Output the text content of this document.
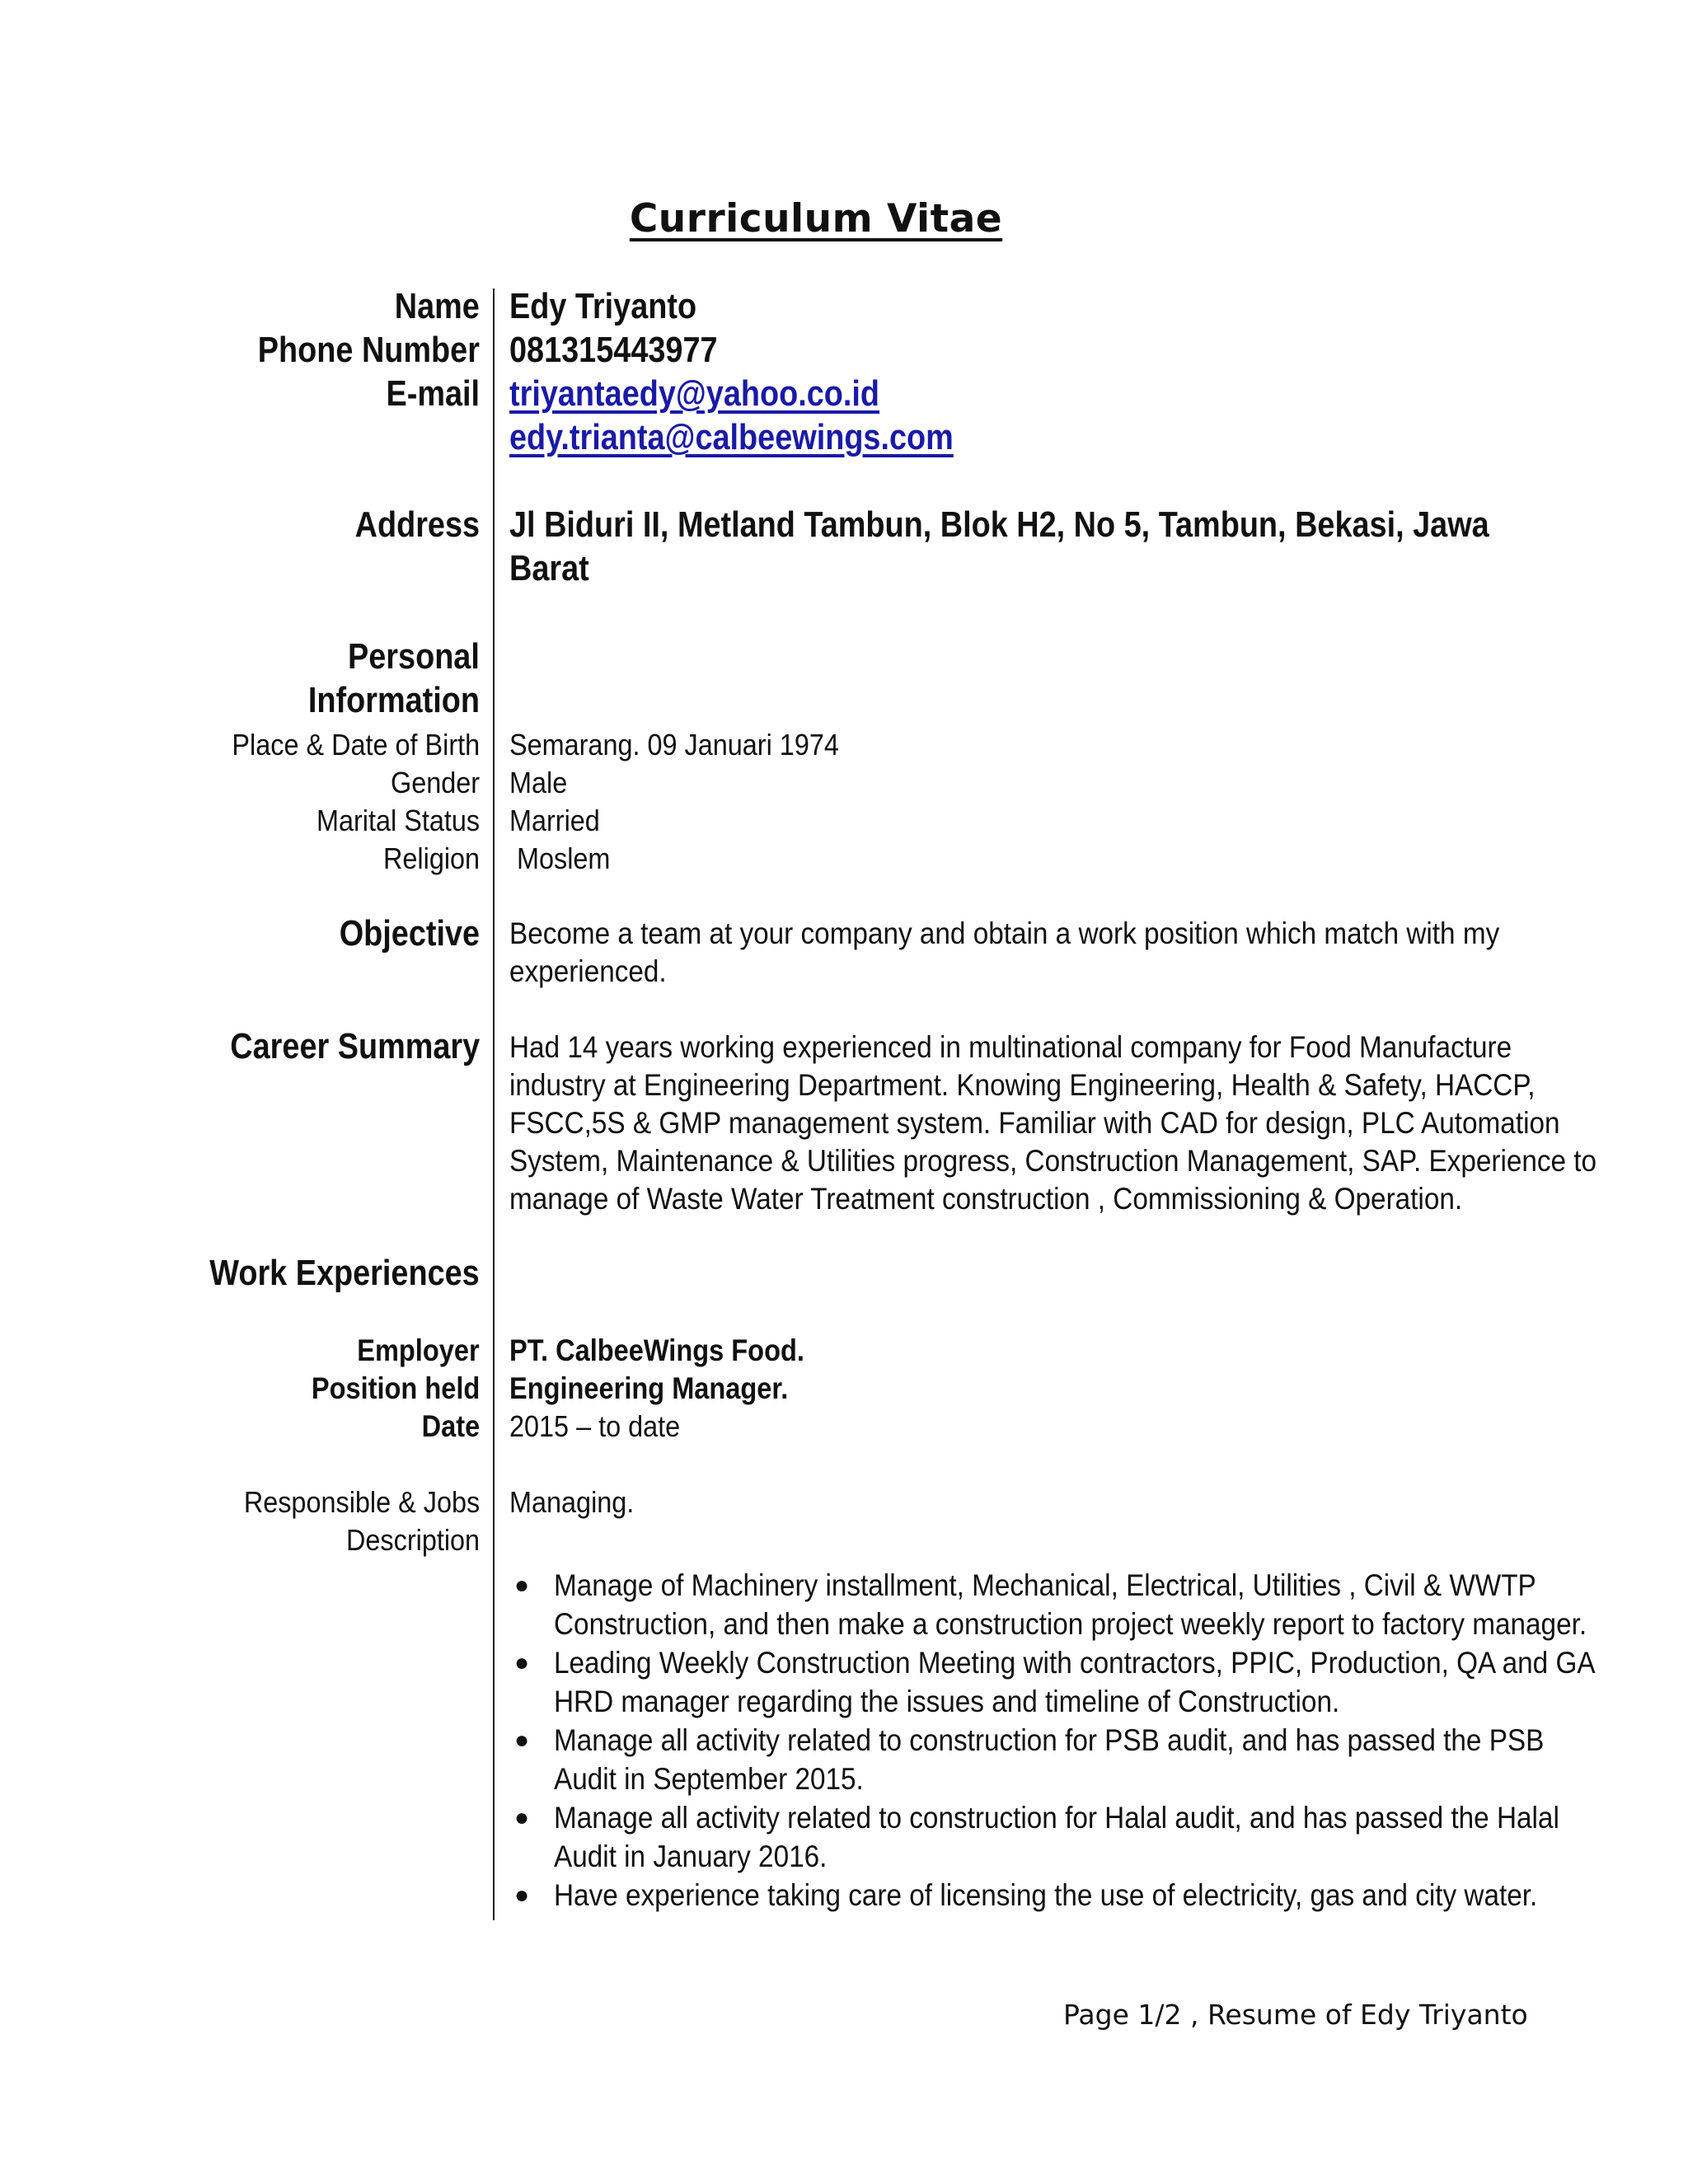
Curriculum Vitae
Name Edy Triyanto
Phone Number 081315443977
E-mail triyantaedy@yahoo.co.id
edy.trianta@calbeewings.com
Address Jl Biduri II, Metland Tambun, Blok H2, No 5, Tambun, Bekasi, Jawa
Barat
Personal
Information
Place & Date of Birth Semarang. 09 Januari 1974
Gender Male
Marital Status Married
Religion Moslem
Objective Become a team at your company and obtain a work position which match with my
experienced.
Career Summary Had 14 years working experienced in multinational company for Food Manufacture
industry at Engineering Department. Knowing Engineering, Health & Safety, HACCP,
FSCC,5S & GMP management system. Familiar with CAD for design, PLC Automation
System, Maintenance & Utilities progress, Construction Management, SAP. Experience to
manage of Waste Water Treatment construction , Commissioning & Operation.
Work Experiences
Employer PT. CalbeeWings Food.
Position held Engineering Manager.
Date 2015 – to date
Responsible & Jobs
Description
Managing.
● Manage of Machinery installment, Mechanical, Electrical, Utilities , Civil & WWTP
Construction, and then make a construction project weekly report to factory manager.
● Leading Weekly Construction Meeting with contractors, PPIC, Production, QA and GA
HRD manager regarding the issues and timeline of Construction.
● Manage all activity related to construction for PSB audit, and has passed the PSB
Audit in September 2015.
● Manage all activity related to construction for Halal audit, and has passed the Halal
Audit in January 2016.
● Have experience taking care of licensing the use of electricity, gas and city water.
Page 1/2 , Resume of Edy Triyanto
